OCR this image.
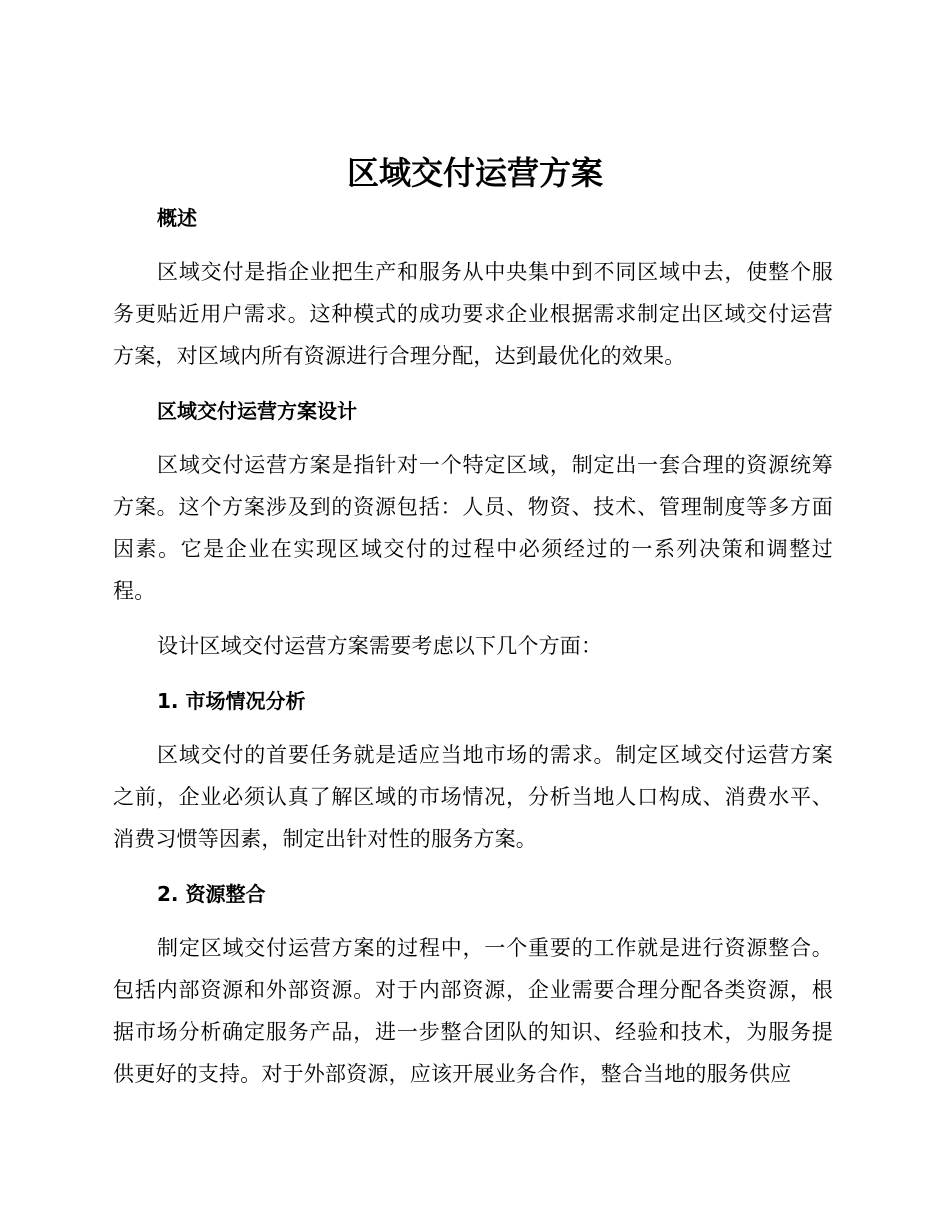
区域交付运营方案
概述

区域交付是指企业把生产和服务从中央集中到不同区域中去，使整个服务更贴近用户需求。这种模式的成功要求企业根据需求制定出区域交付运营方案，对区域内所有资源进行合理分配，达到最优化的效果。

区域交付运营方案设计

区域交付运营方案是指针对一个特定区域，制定出一套合理的资源统筹方案。这个方案涉及到的资源包括：人员、物资、技术、管理制度等多方面因素。它是企业在实现区域交付的过程中必须经过的一系列决策和调整过程。

设计区域交付运营方案需要考虑以下几个方面：

1. 市场情况分析

区域交付的首要任务就是适应当地市场的需求。制定区域交付运营方案之前，企业必须认真了解区域的市场情况，分析当地人口构成、消费水平、消费习惯等因素，制定出针对性的服务方案。

2. 资源整合

制定区域交付运营方案的过程中，一个重要的工作就是进行资源整合。包括内部资源和外部资源。对于内部资源，企业需要合理分配各类资源，根据市场分析确定服务产品，进一步整合团队的知识、经验和技术，为服务提供更好的支持。对于外部资源，应该开展业务合作，整合当地的服务供应
